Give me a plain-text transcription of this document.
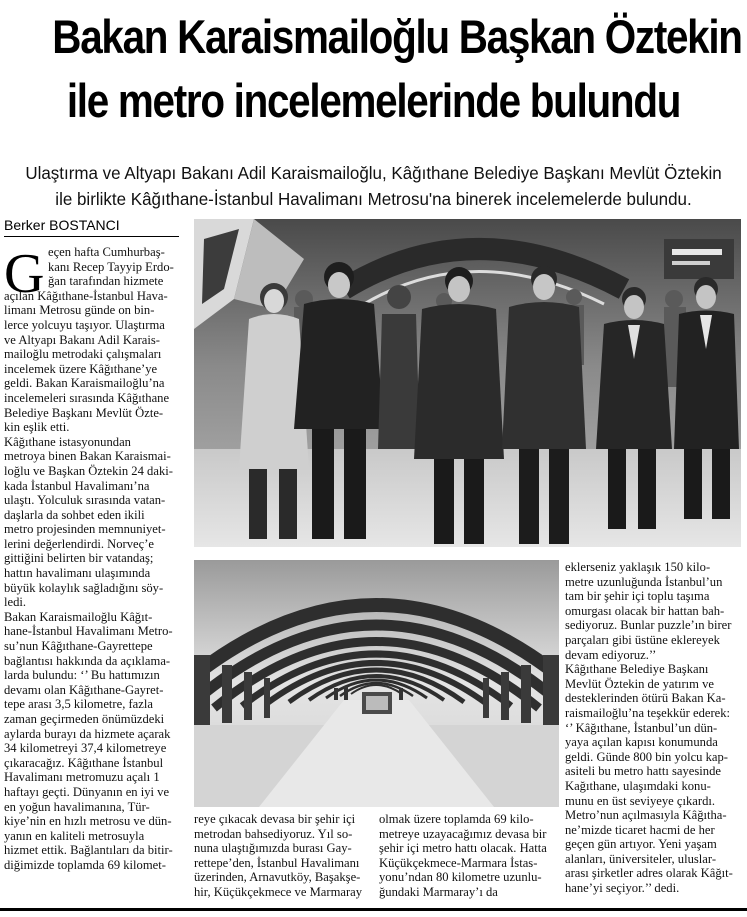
Bakan Karaismailoğlu Başkan Öztekin
ile metro incelemelerinde bulundu
Ulaştırma ve Altyapı Bakanı Adil Karaismailoğlu, Kâğıthane Belediye Başkanı Mevlüt Öztekin
ile birlikte Kâğıthane-İstanbul Havalimanı Metrosu'na binerek incelemelerde bulundu.
Berker BOSTANCI
G eçen hafta Cumhurbaş-
kanı Recep Tayyip Erdo-
ğan tarafından hizmete
açılan Kâğıthane-İstanbul Hava-
limanı Metrosu günde on bin-
lerce yolcuyu taşıyor. Ulaştırma
ve Altyapı Bakanı Adil Karais-
mailoğlu metrodaki çalışmaları
incelemek üzere Kâğıthane’ye
geldi. Bakan Karaismailoğlu’na
incelemeleri sırasında Kâğıthane
Belediye Başkanı Mevlüt Özte-
kin eşlik etti.
Kâğıthane istasyonundan
metroya binen Bakan Karaismai-
loğlu ve Başkan Öztekin 24 daki-
kada İstanbul Havalimanı’na
ulaştı. Yolculuk sırasında vatan-
daşlarla da sohbet eden ikili
metro projesinden memnuniyet-
lerini değerlendirdi. Norveç’e
gittiğini belirten bir vatandaş;
hattın havalimanı ulaşımında
büyük kolaylık sağladığını söy-
ledi.
Bakan Karaismailoğlu Kâğıt-
hane-İstanbul Havalimanı Metro-
su’nun Kâğıthane-Gayrettepe
bağlantısı hakkında da açıklama-
larda bulundu: ‘’ Bu hattımızın
devamı olan Kâğıthane-Gayret-
tepe arası 3,5 kilometre, fazla
zaman geçirmeden önümüzdeki
aylarda burayı da hizmete açarak
34 kilometreyi 37,4 kilometreye
çıkaracağız. Kâğıthane İstanbul
Havalimanı metromuzu açalı 1
haftayı geçti. Dünyanın en iyi ve
en yoğun havalimanına, Tür-
kiye’nin en hızlı metrosu ve dün-
yanın en kaliteli metrosuyla
hizmet ettik. Bağlantıları da bitir-
diğimizde toplamda 69 kilomet-
reye çıkacak devasa bir şehir içi
metrodan bahsediyoruz. Yıl so-
nuna ulaştığımızda burası Gay-
rettepe’den, İstanbul Havalimanı
üzerinden, Arnavutköy, Başakşe-
hir, Küçükçekmece ve Marmaray
olmak üzere toplamda 69 kilo-
metreye uzayacağımız devasa bir
şehir içi metro hattı olacak. Hatta
Küçükçekmece-Marmara İstas-
yonu’ndan 80 kilometre uzunlu-
ğundaki Marmaray’ı da
eklerseniz yaklaşık 150 kilo-
metre uzunluğunda İstanbul’un
tam bir şehir içi toplu taşıma
omurgası olacak bir hattan bah-
sediyoruz. Bunlar puzzle’ın birer
parçaları gibi üstüne eklereyek
devam ediyoruz.’’
Kâğıthane Belediye Başkanı
Mevlüt Öztekin de yatırım ve
desteklerinden ötürü Bakan Ka-
raismailoğlu’na teşekkür ederek:
‘’ Kâğıthane, İstanbul’un dün-
yaya açılan kapısı konumunda
geldi. Günde 800 bin yolcu kap-
asiteli bu metro hattı sayesinde
Kağıthane, ulaşımdaki konu-
munu en üst seviyeye çıkardı.
Metro’nun açılmasıyla Kâğıtha-
ne’mizde ticaret hacmi de her
geçen gün artıyor. Yeni yaşam
alanları, üniversiteler, uluslar-
arası şirketler adres olarak Kâğıt-
hane’yi seçiyor.’’ dedi.
